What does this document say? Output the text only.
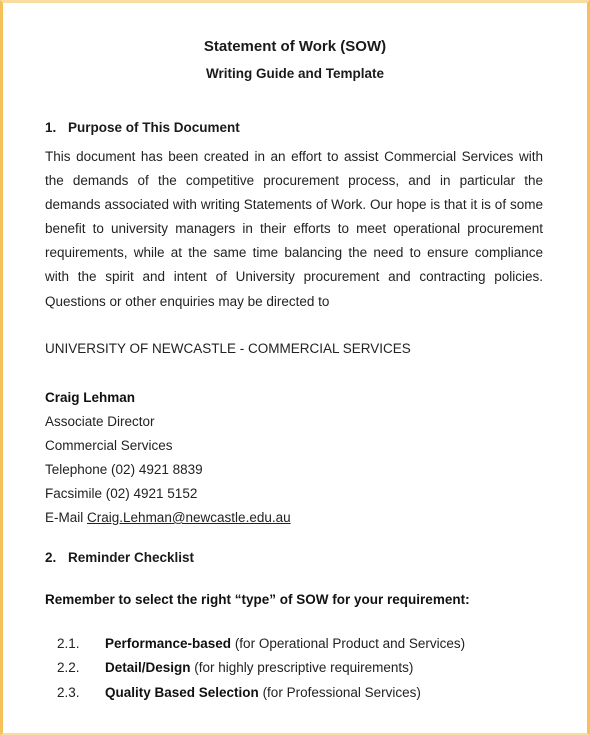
Statement of Work (SOW)
Writing Guide and Template
1. Purpose of This Document

This document has been created in an effort to assist Commercial Services with the demands of the competitive procurement process, and in particular the demands associated with writing Statements of Work. Our hope is that it is of some benefit to university managers in their efforts to meet operational procurement requirements, while at the same time balancing the need to ensure compliance with the spirit and intent of University procurement and contracting policies. Questions or other enquiries may be directed to

UNIVERSITY OF NEWCASTLE - COMMERCIAL SERVICES
Craig Lehman
Associate Director
Commercial Services
Telephone (02) 4921 8839
Facsimile (02) 4921 5152
E-Mail Craig.Lehman@newcastle.edu.au
2. Reminder Checklist
Remember to select the right “type” of SOW for your requirement:
2.1. Performance-based (for Operational Product and Services)
2.2. Detail/Design (for highly prescriptive requirements)
2.3. Quality Based Selection (for Professional Services)
